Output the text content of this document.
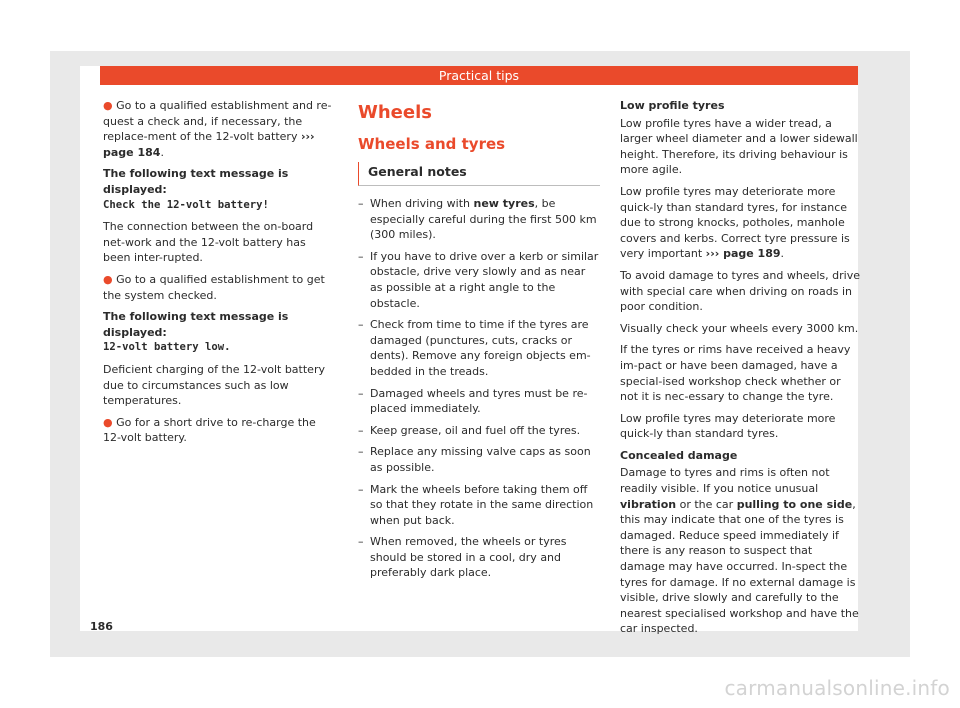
Practical tips

● Go to a qualified establishment and re-quest a check and, if necessary, the replace-ment of the 12-volt battery ››› page 184.

The following text message is displayed:
Check the 12-volt battery!

The connection between the on-board net-work and the 12-volt battery has been inter-rupted.

● Go to a qualified establishment to get the system checked.

The following text message is displayed:
12-volt battery low.

Deficient charging of the 12-volt battery due to circumstances such as low temperatures.

● Go for a short drive to re-charge the 12-volt battery.

Wheels
Wheels and tyres
General notes
– When driving with new tyres, be especially careful during the first 500 km (300 miles).
– If you have to drive over a kerb or similar obstacle, drive very slowly and as near as possible at a right angle to the obstacle.
– Check from time to time if the tyres are damaged (punctures, cuts, cracks or dents). Remove any foreign objects em-bedded in the treads.
– Damaged wheels and tyres must be re-placed immediately.
– Keep grease, oil and fuel off the tyres.
– Replace any missing valve caps as soon as possible.
– Mark the wheels before taking them off so that they rotate in the same direction when put back.
– When removed, the wheels or tyres should be stored in a cool, dry and preferably dark place.

Low profile tyres

Low profile tyres have a wider tread, a larger wheel diameter and a lower sidewall height. Therefore, its driving behaviour is more agile.

Low profile tyres may deteriorate more quick-ly than standard tyres, for instance due to strong knocks, potholes, manhole covers and kerbs. Correct tyre pressure is very important ››› page 189.

To avoid damage to tyres and wheels, drive with special care when driving on roads in poor condition.

Visually check your wheels every 3000 km.

If the tyres or rims have received a heavy im-pact or have been damaged, have a special-ised workshop check whether or not it is nec-essary to change the tyre.

Low profile tyres may deteriorate more quick-ly than standard tyres.

Concealed damage

Damage to tyres and rims is often not readily visible. If you notice unusual vibration or the car pulling to one side, this may indicate that one of the tyres is damaged. Reduce speed immediately if there is any reason to suspect that damage may have occurred. In-spect the tyres for damage. If no external damage is visible, drive slowly and carefully to the nearest specialised workshop and have the car inspected.

186
carmanualsonline.info
